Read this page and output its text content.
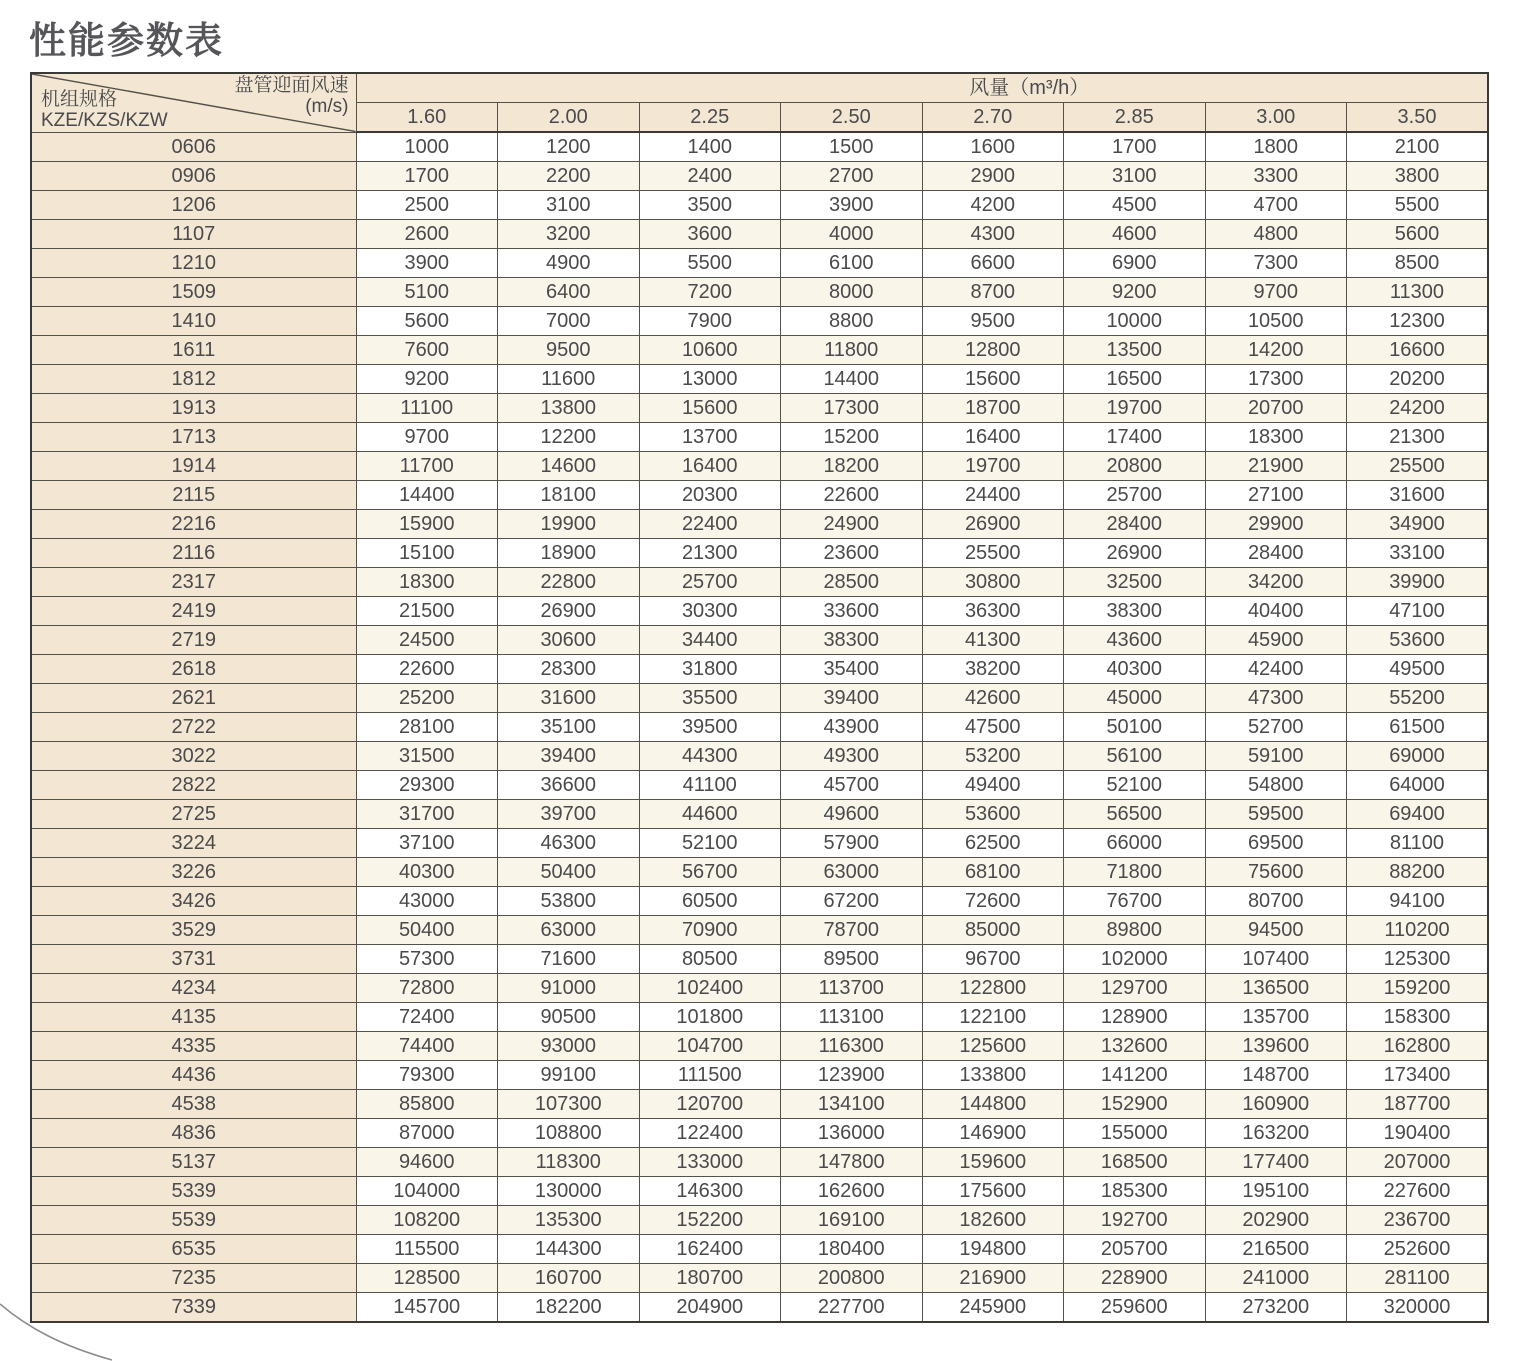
性能参数表
盘管迎面风速
(m/s)
机组规格
KZE/KZS/KZW	风量（m³/h）							
	1.60	2.00	2.25	2.50	2.70	2.85	3.00	3.50
0606	1000	1200	1400	1500	1600	1700	1800	2100
0906	1700	2200	2400	2700	2900	3100	3300	3800
1206	2500	3100	3500	3900	4200	4500	4700	5500
1107	2600	3200	3600	4000	4300	4600	4800	5600
1210	3900	4900	5500	6100	6600	6900	7300	8500
1509	5100	6400	7200	8000	8700	9200	9700	11300
1410	5600	7000	7900	8800	9500	10000	10500	12300
1611	7600	9500	10600	11800	12800	13500	14200	16600
1812	9200	11600	13000	14400	15600	16500	17300	20200
1913	11100	13800	15600	17300	18700	19700	20700	24200
1713	9700	12200	13700	15200	16400	17400	18300	21300
1914	11700	14600	16400	18200	19700	20800	21900	25500
2115	14400	18100	20300	22600	24400	25700	27100	31600
2216	15900	19900	22400	24900	26900	28400	29900	34900
2116	15100	18900	21300	23600	25500	26900	28400	33100
2317	18300	22800	25700	28500	30800	32500	34200	39900
2419	21500	26900	30300	33600	36300	38300	40400	47100
2719	24500	30600	34400	38300	41300	43600	45900	53600
2618	22600	28300	31800	35400	38200	40300	42400	49500
2621	25200	31600	35500	39400	42600	45000	47300	55200
2722	28100	35100	39500	43900	47500	50100	52700	61500
3022	31500	39400	44300	49300	53200	56100	59100	69000
2822	29300	36600	41100	45700	49400	52100	54800	64000
2725	31700	39700	44600	49600	53600	56500	59500	69400
3224	37100	46300	52100	57900	62500	66000	69500	81100
3226	40300	50400	56700	63000	68100	71800	75600	88200
3426	43000	53800	60500	67200	72600	76700	80700	94100
3529	50400	63000	70900	78700	85000	89800	94500	110200
3731	57300	71600	80500	89500	96700	102000	107400	125300
4234	72800	91000	102400	113700	122800	129700	136500	159200
4135	72400	90500	101800	113100	122100	128900	135700	158300
4335	74400	93000	104700	116300	125600	132600	139600	162800
4436	79300	99100	111500	123900	133800	141200	148700	173400
4538	85800	107300	120700	134100	144800	152900	160900	187700
4836	87000	108800	122400	136000	146900	155000	163200	190400
5137	94600	118300	133000	147800	159600	168500	177400	207000
5339	104000	130000	146300	162600	175600	185300	195100	227600
5539	108200	135300	152200	169100	182600	192700	202900	236700
6535	115500	144300	162400	180400	194800	205700	216500	252600
7235	128500	160700	180700	200800	216900	228900	241000	281100
7339	145700	182200	204900	227700	245900	259600	273200	320000
